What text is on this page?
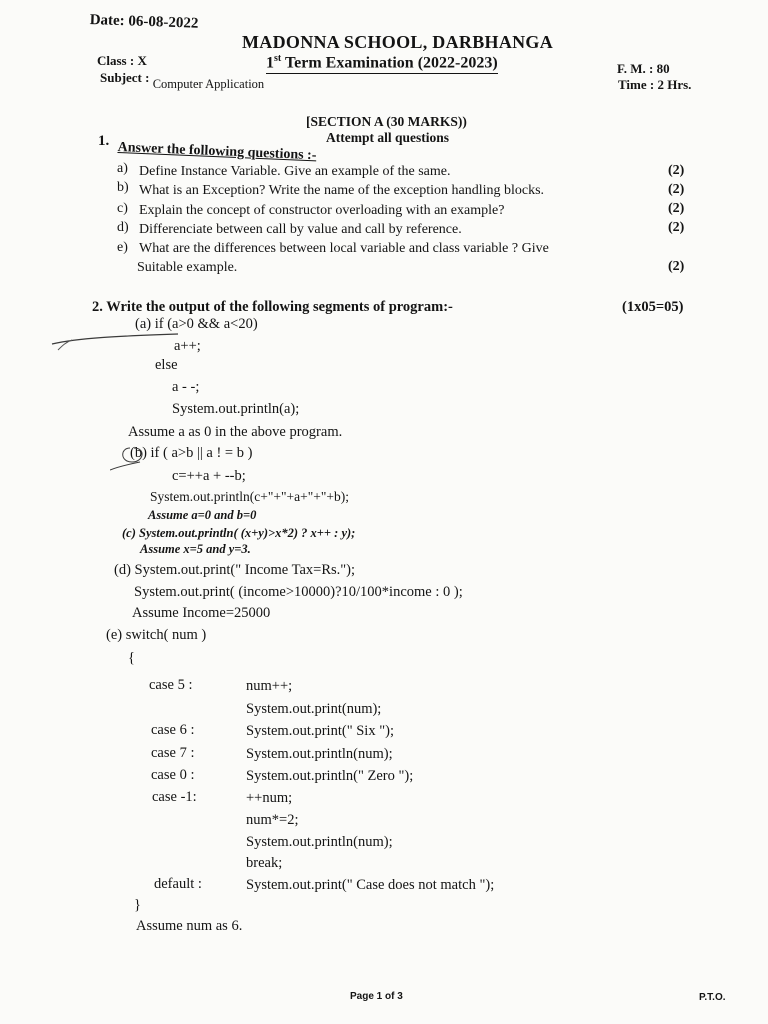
Date: 06-08-2022
MADONNA SCHOOL, DARBHANGA
Class : X	1st Term Examination (2022-2023)	F. M. : 80
Subject : Computer Application	Time : 2 Hrs.
[SECTION A (30 MARKS))
Attempt all questions
1. Answer the following questions :-
a) Define Instance Variable. Give an example of the same.	(2)
b) What is an Exception? Write the name of the exception handling blocks.	(2)
c) Explain the concept of constructor overloading with an example?	(2)
d) Differenciate between call by value and call by reference.	(2)
e) What are the differences between local variable and class variable ? Give
Suitable example.	(2)
2. Write the output of the following segments of program:-	(1x05=05)
(a) if (a>0 && a<20)
a++;
else
a - -;
System.out.println(a);
Assume a as 0 in the above program.
(b) if ( a>b || a ! = b )
c=++a + --b;
System.out.println(c+"+"+a+"+"+b);
Assume a=0 and b=0
(c) System.out.println( (x+y)>x*2) ? x++ : y);
Assume x=5 and y=3.
(d) System.out.print(" Income Tax=Rs.");
System.out.print( (income>10000)?10/100*income : 0 );
Assume Income=25000
(e) switch( num )
{
case 5 :	num++;
System.out.print(num);
case 6 :	System.out.print(" Six ");
case 7 :	System.out.println(num);
case 0 :	System.out.println(" Zero ");
case -1:	++num;
num*=2;
System.out.println(num);
break;
default :	System.out.print(" Case does not match ");
}
Assume num as 6.
Page 1 of 3	P.T.O.
